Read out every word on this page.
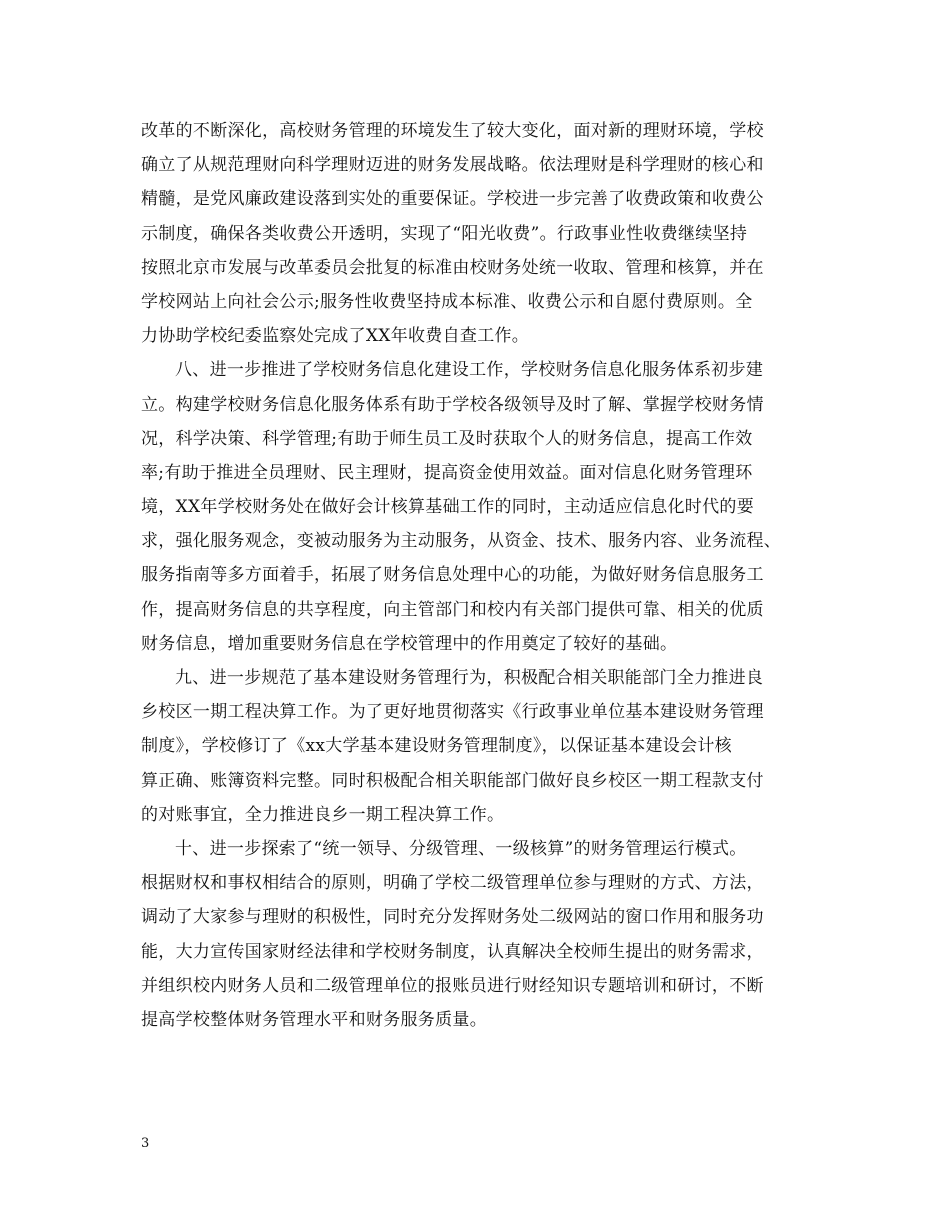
改革的不断深化，高校财务管理的环境发生了较大变化，面对新的理财环境，学校
确立了从规范理财向科学理财迈进的财务发展战略。依法理财是科学理财的核心和
精髓，是党风廉政建设落到实处的重要保证。学校进一步完善了收费政策和收费公
示制度，确保各类收费公开透明，实现了“阳光收费”。行政事业性收费继续坚持
按照北京市发展与改革委员会批复的标准由校财务处统一收取、管理和核算，并在
学校网站上向社会公示;服务性收费坚持成本标准、收费公示和自愿付费原则。全
力协助学校纪委监察处完成了XX年收费自查工作。
八、进一步推进了学校财务信息化建设工作，学校财务信息化服务体系初步建
立。构建学校财务信息化服务体系有助于学校各级领导及时了解、掌握学校财务情
况，科学决策、科学管理;有助于师生员工及时获取个人的财务信息，提高工作效
率;有助于推进全员理财、民主理财，提高资金使用效益。面对信息化财务管理环
境，XX年学校财务处在做好会计核算基础工作的同时，主动适应信息化时代的要
求，强化服务观念，变被动服务为主动服务，从资金、技术、服务内容、业务流程、
服务指南等多方面着手，拓展了财务信息处理中心的功能，为做好财务信息服务工
作，提高财务信息的共享程度，向主管部门和校内有关部门提供可靠、相关的优质
财务信息，增加重要财务信息在学校管理中的作用奠定了较好的基础。
九、进一步规范了基本建设财务管理行为，积极配合相关职能部门全力推进良
乡校区一期工程决算工作。为了更好地贯彻落实《行政事业单位基本建设财务管理
制度》，学校修订了《xx大学基本建设财务管理制度》，以保证基本建设会计核
算正确、账簿资料完整。同时积极配合相关职能部门做好良乡校区一期工程款支付
的对账事宜，全力推进良乡一期工程决算工作。
十、进一步探索了“统一领导、分级管理、一级核算”的财务管理运行模式。
根据财权和事权相结合的原则，明确了学校二级管理单位参与理财的方式、方法，
调动了大家参与理财的积极性，同时充分发挥财务处二级网站的窗口作用和服务功
能，大力宣传国家财经法律和学校财务制度，认真解决全校师生提出的财务需求，
并组织校内财务人员和二级管理单位的报账员进行财经知识专题培训和研讨，不断
提高学校整体财务管理水平和财务服务质量。
3
